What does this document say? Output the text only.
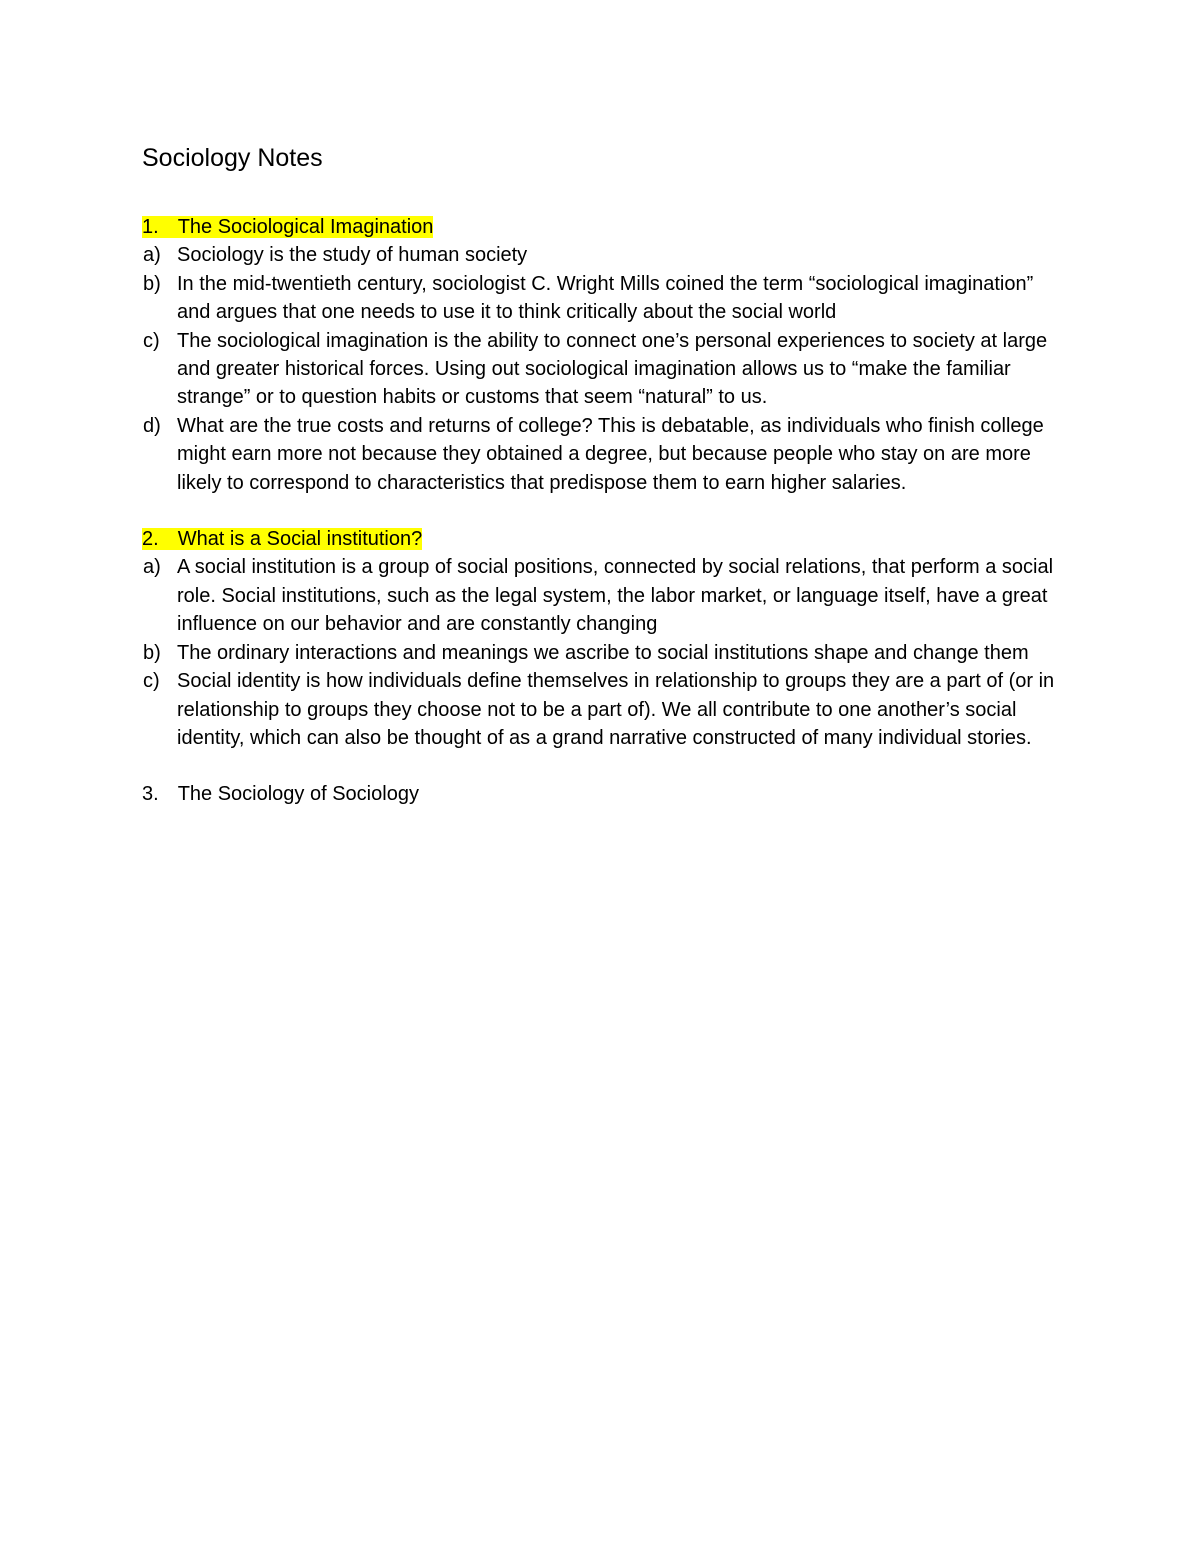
Sociology Notes
1. The Sociological Imagination
a) Sociology is the study of human society
b) In the mid-twentieth century, sociologist C. Wright Mills coined the term “sociological imagination” and argues that one needs to use it to think critically about the social world
c) The sociological imagination is the ability to connect one’s personal experiences to society at large and greater historical forces. Using out sociological imagination allows us to “make the familiar strange” or to question habits or customs that seem “natural” to us.
d) What are the true costs and returns of college? This is debatable, as individuals who finish college might earn more not because they obtained a degree, but because people who stay on are more likely to correspond to characteristics that predispose them to earn higher salaries.
2. What is a Social institution?
a) A social institution is a group of social positions, connected by social relations, that perform a social role. Social institutions, such as the legal system, the labor market, or language itself, have a great influence on our behavior and are constantly changing
b) The ordinary interactions and meanings we ascribe to social institutions shape and change them
c) Social identity is how individuals define themselves in relationship to groups they are a part of (or in relationship to groups they choose not to be a part of). We all contribute to one another’s social identity, which can also be thought of as a grand narrative constructed of many individual stories.
3. The Sociology of Sociology
